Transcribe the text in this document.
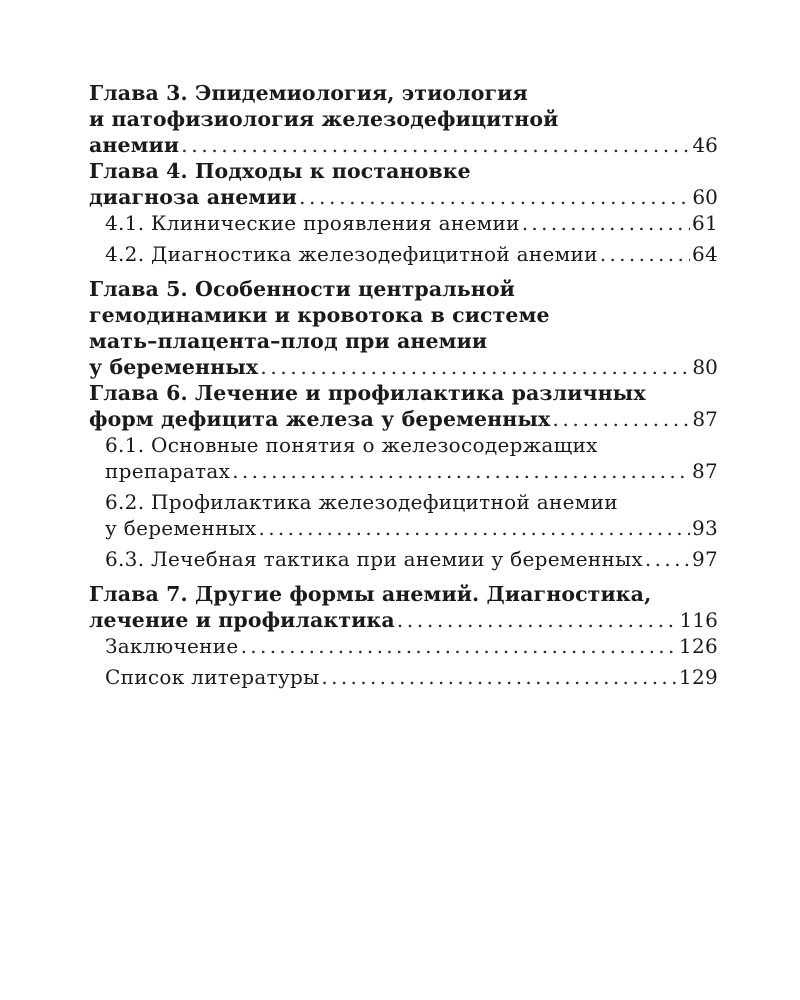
Глава 3. Эпидемиология, этиология
и патофизиология железодефицитной
анемии . . .	46
Глава 4. Подходы к постановке
диагноза анемии . . .	60
4.1. Клинические проявления анемии . . .	61
4.2. Диагностика железодефицитной анемии . . .	64
Глава 5. Особенности центральной
гемодинамики и кровотока в системе
мать–плацента–плод при анемии
у беременных . . .	80
Глава 6. Лечение и профилактика различных
форм дефицита железа у беременных . . .	87
6.1. Основные понятия о железосодержащих
препаратах . . .	87
6.2. Профилактика железодефицитной анемии
у беременных . . .	93
6.3. Лечебная тактика при анемии у беременных . . . 97
Глава 7. Другие формы анемий. Диагностика,
лечение и профилактика . . .	116
Заключение . . .	126
Список литературы . . .	129
